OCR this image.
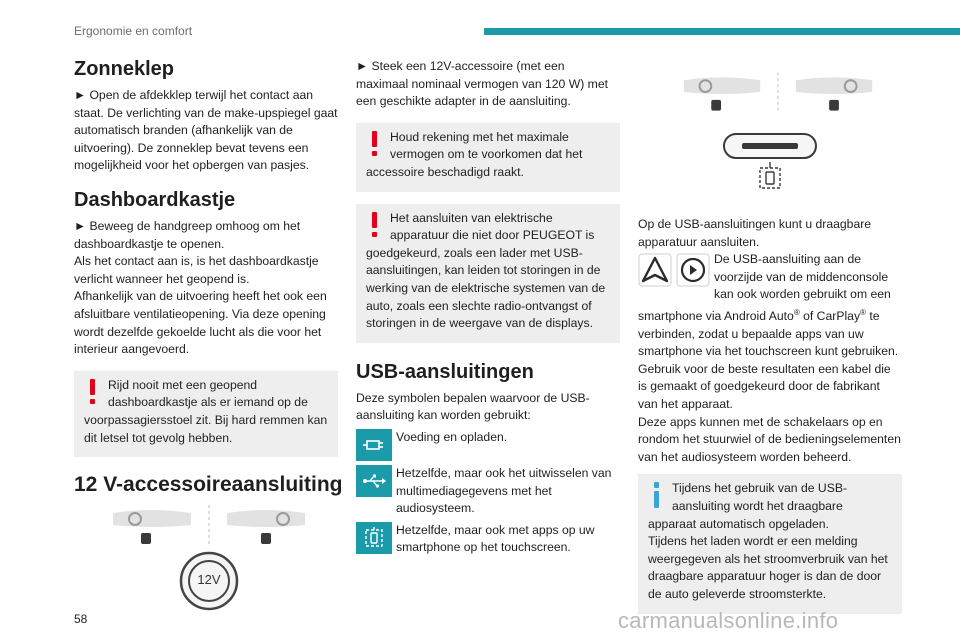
Ergonomie en comfort
Zonneklep

► Open de afdekklep terwijl het contact aan staat. De verlichting van de make-upspiegel gaat automatisch branden (afhankelijk van de uitvoering). De zonneklep bevat tevens een mogelijkheid voor het opbergen van pasjes.

Dashboardkastje

► Beweeg de handgreep omhoog om het dashboardkastje te openen.

Als het contact aan is, is het dashboardkastje verlicht wanneer het geopend is.

Afhankelijk van de uitvoering heeft het ook een afsluitbare ventilatieopening. Via deze opening wordt dezelfde gekoelde lucht als die voor het interieur aangevoerd.

Rijd nooit met een geopend dashboardkastje als er iemand op de voorpassagiersstoel zit. Bij hard remmen kan dit letsel tot gevolg hebben.
12 V-accessoireaansluiting
12V

► Steek een 12V-accessoire (met een maximaal nominaal vermogen van 120 W) met een geschikte adapter in de aansluiting.

Houd rekening met het maximale vermogen om te voorkomen dat het accessoire beschadigd raakt.
Het aansluiten van elektrische apparatuur die niet door PEUGEOT is goedgekeurd, zoals een lader met USB-aansluitingen, kan leiden tot storingen in de werking van de elektrische systemen van de auto, zoals een slechte radio-ontvangst of storingen in de weergave van de displays.
USB-aansluitingen

Deze symbolen bepalen waarvoor de USB-aansluiting kan worden gebruikt:

Voeding en opladen.
Hetzelfde, maar ook het uitwisselen van multimediagegevens met het audiosysteem.
Hetzelfde, maar ook met apps op uw smartphone op het touchscreen.

Op de USB-aansluitingen kunt u draagbare apparatuur aansluiten.

De USB-aansluiting aan de voorzijde van de middenconsole kan ook worden gebruikt om een smartphone via Android Auto® of CarPlay® te verbinden, zodat u bepaalde apps van uw smartphone via het touchscreen kunt gebruiken.

Gebruik voor de beste resultaten een kabel die is gemaakt of goedgekeurd door de fabrikant van het apparaat.

Deze apps kunnen met de schakelaars op en rondom het stuurwiel of de bedieningselementen van het audiosysteem worden beheerd.

Tijdens het gebruik van de USB-aansluiting wordt het draagbare apparaat automatisch opgeladen.
Tijdens het laden wordt er een melding weergegeven als het stroomverbruik van het draagbare apparatuur hoger is dan de door de auto geleverde stroomsterkte.
58	carmanualsonline.info
